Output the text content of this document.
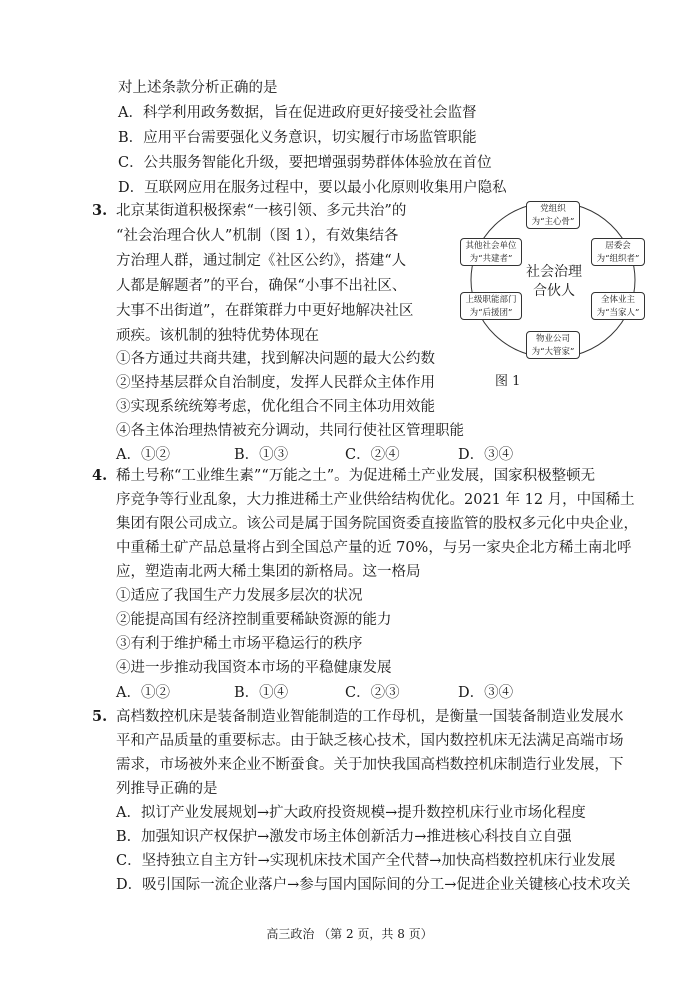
对上述条款分析正确的是
A．科学利用政务数据，旨在促进政府更好接受社会监督
B．应用平台需要强化义务意识，切实履行市场监管职能
C．公共服务智能化升级，要把增强弱势群体体验放在首位
D．互联网应用在服务过程中，要以最小化原则收集用户隐私
3. 北京某街道积极探索“一核引领、多元共治”的
“社会治理合伙人”机制（图 1），有效集结各
方治理人群，通过制定《社区公约》，搭建“人
人都是解题者”的平台，确保“小事不出社区、
大事不出街道”，在群策群力中更好地解决社区
顽疾。该机制的独特优势体现在
①各方通过共商共建，找到解决问题的最大公约数
②坚持基层群众自治制度，发挥人民群众主体作用
③实现系统统筹考虑，优化组合不同主体功用效能
④各主体治理热情被充分调动，共同行使社区管理职能
A．①②	B．①③	C．②④	D．③④
党组织
为“主心骨”
居委会
为“组织者”
全体业主
为“当家人”
物业公司
为“大管家”
上级职能部门
为“后援团”
其他社会单位
为“共建者”
社会治理
合伙人
图 1
4. 稀土号称“工业维生素”“万能之土”。为促进稀土产业发展，国家积极整顿无
序竞争等行业乱象，大力推进稀土产业供给结构优化。2021 年 12 月，中国稀土
集团有限公司成立。该公司是属于国务院国资委直接监管的股权多元化中央企业，
中重稀土矿产品总量将占到全国总产量的近 70%，与另一家央企北方稀土南北呼
应，塑造南北两大稀土集团的新格局。这一格局
①适应了我国生产力发展多层次的状况
②能提高国有经济控制重要稀缺资源的能力
③有利于维护稀土市场平稳运行的秩序
④进一步推动我国资本市场的平稳健康发展
A．①②	B．①④	C．②③	D．③④
5. 高档数控机床是装备制造业智能制造的工作母机，是衡量一国装备制造业发展水
平和产品质量的重要标志。由于缺乏核心技术，国内数控机床无法满足高端市场
需求，市场被外来企业不断蚕食。关于加快我国高档数控机床制造行业发展，下
列推导正确的是
A．拟订产业发展规划→扩大政府投资规模→提升数控机床行业市场化程度
B．加强知识产权保护→激发市场主体创新活力→推进核心科技自立自强
C．坚持独立自主方针→实现机床技术国产全代替→加快高档数控机床行业发展
D．吸引国际一流企业落户→参与国内国际间的分工→促进企业关键核心技术攻关
高三政治 （第 2 页，共 8 页）
